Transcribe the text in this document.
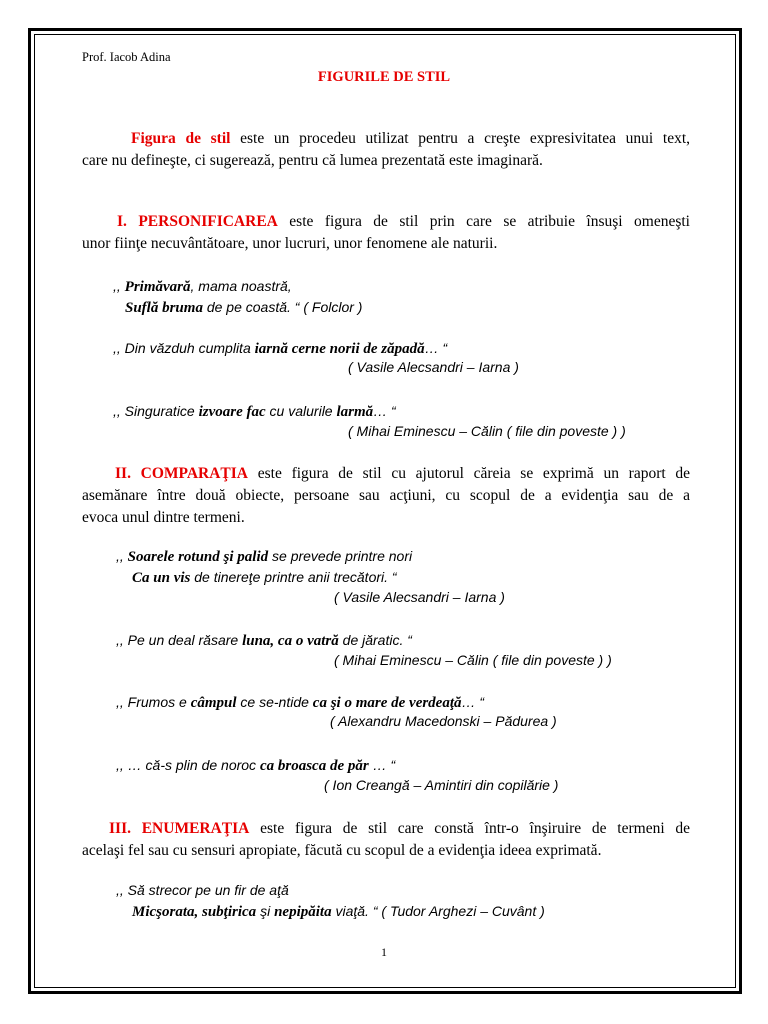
Prof. Iacob Adina
FIGURILE DE STIL
Figura de stil este un procedeu utilizat pentru a creşte expresivitatea unui text,
care nu defineşte, ci sugerează, pentru că lumea prezentată este imaginară.
I. PERSONIFICAREA este figura de stil prin care se atribuie însuşi omeneşti
unor fiinţe necuvântătoare, unor lucruri, unor fenomene ale naturii.
,, Primăvară, mama noastră,
Suflă bruma de pe coastă. “ ( Folclor )
,, Din văzduh cumplita iarnă cerne norii de zăpadă… “
( Vasile Alecsandri – Iarna )
,, Singuratice izvoare fac cu valurile larmă… “
( Mihai Eminescu – Călin ( file din poveste ) )
II. COMPARAŢIA este figura de stil cu ajutorul căreia se exprimă un raport de
asemănare între două obiecte, persoane sau acţiuni, cu scopul de a evidenţia sau de a
evoca unul dintre termeni.
,, Soarele rotund şi palid se prevede printre nori
Ca un vis de tinereţe printre anii trecători. “
( Vasile Alecsandri – Iarna )
,, Pe un deal răsare luna, ca o vatră de jăratic. “
( Mihai Eminescu – Călin ( file din poveste ) )
,, Frumos e câmpul ce se-ntide ca şi o mare de verdeaţă… “
( Alexandru Macedonski – Pădurea )
,, … că-s plin de noroc ca broasca de păr … “
( Ion Creangă – Amintiri din copilărie )
III. ENUMERAŢIA este figura de stil care constă într-o înşiruire de termeni de
acelaşi fel sau cu sensuri apropiate, făcută cu scopul de a evidenţia ideea exprimată.
,, Să strecor pe un fir de aţă
Micşorata, subţirica şi nepipăita viaţă. “ ( Tudor Arghezi – Cuvânt )
1
